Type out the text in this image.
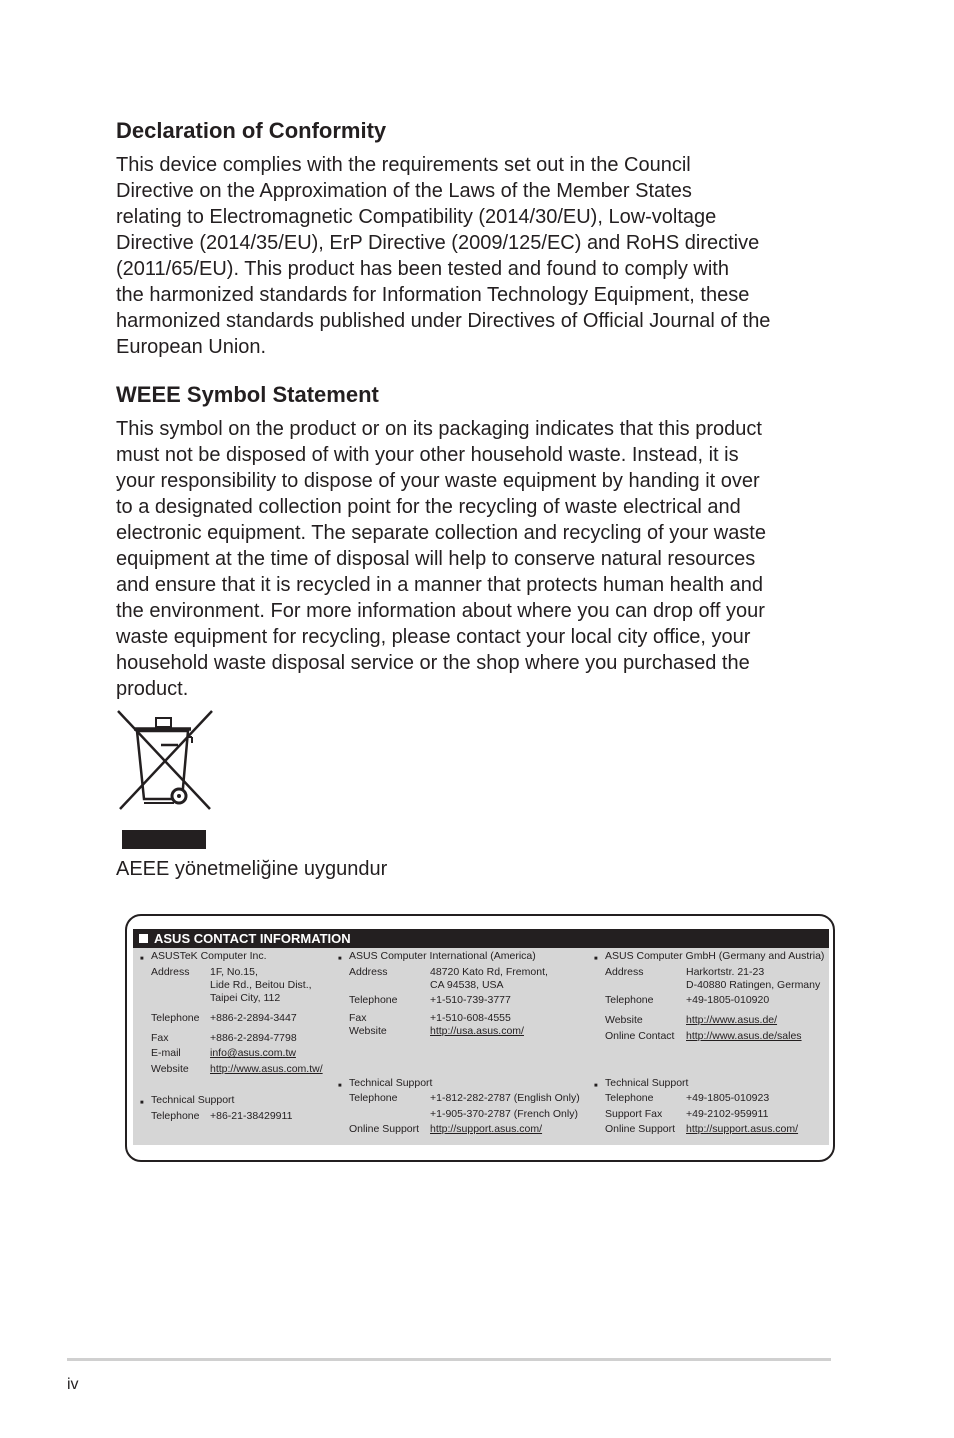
Declaration of Conformity
This device complies with the requirements set out in the Council
Directive on the Approximation of the Laws of the Member States
relating to Electromagnetic Compatibility (2014/30/EU), Low-voltage
Directive (2014/35/EU), ErP Directive (2009/125/EC) and RoHS directive
(2011/65/EU). This product has been tested and found to comply with
the harmonized standards for Information Technology Equipment, these
harmonized standards published under Directives of Official Journal of the
European Union.
WEEE Symbol Statement
This symbol on the product or on its packaging indicates that this product
must not be disposed of with your other household waste. Instead, it is
your responsibility to dispose of your waste equipment by handing it over
to a designated collection point for the recycling of waste electrical and
electronic equipment. The separate collection and recycling of your waste
equipment at the time of disposal will help to conserve natural resources
and ensure that it is recycled in a manner that protects human health and
the environment. For more information about where you can drop off your
waste equipment for recycling, please contact your local city office, your
household waste disposal service or the shop where you purchased the
product.
AEEE yönetmeliğine uygundur
ASUS CONTACT INFORMATION
■ ASUSTeK Computer Inc.
Address 1F, No.15,
Lide Rd., Beitou Dist.,
Taipei City, 112
Telephone +886-2-2894-3447
Fax	+886-2-2894-7798
E-mail	info@asus.com.tw
Website http://www.asus.com.tw/
■ Technical Support
Telephone +86-21-38429911
■ ASUS Computer International (America)
Address	48720 Kato Rd, Fremont,
CA 94538, USA
Telephone	+1-510-739-3777
Fax	+1-510-608-4555
Website	http://usa.asus.com/
■ Technical Support
Telephone	+1-812-282-2787 (English Only)
+1-905-370-2787 (French Only)
Online Support http://support.asus.com/
■ ASUS Computer GmbH (Germany and Austria)
Address	Harkortstr. 21-23
D-40880 Ratingen, Germany
Telephone	+49-1805-010920
Website	http://www.asus.de/
Online Contact http://www.asus.de/sales
■ Technical Support
Telephone	+49-1805-010923
Support Fax +49-2102-959911
Online Support http://support.asus.com/
iv
